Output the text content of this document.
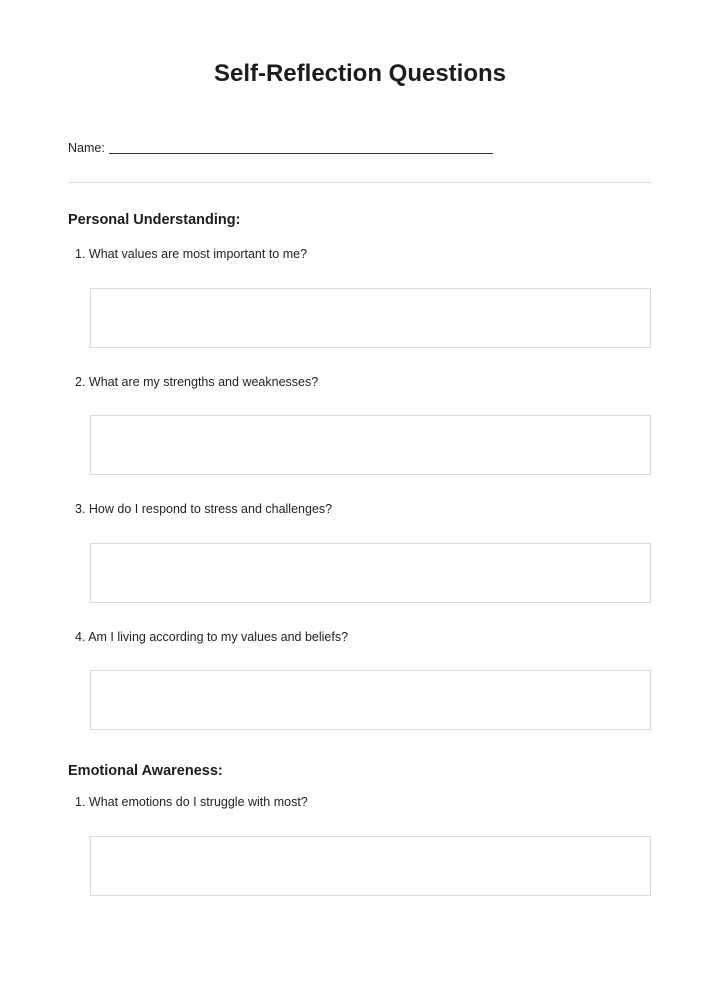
Self-Reflection Questions
Name:
Personal Understanding:
1. What values are most important to me?
2. What are my strengths and weaknesses?
3. How do I respond to stress and challenges?
4. Am I living according to my values and beliefs?
Emotional Awareness:
1. What emotions do I struggle with most?
